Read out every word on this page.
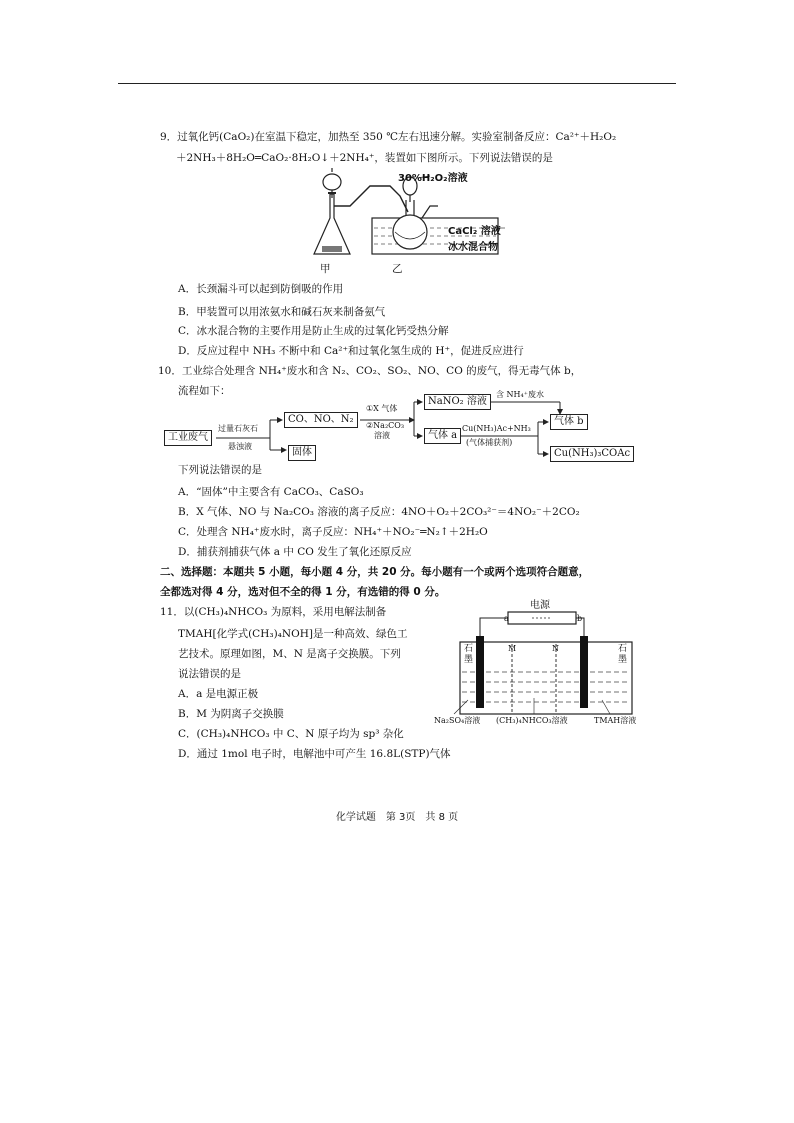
9．过氧化钙(CaO₂)在室温下稳定，加热至 350 ℃左右迅速分解。实验室制备反应：Ca²⁺＋H₂O₂
＋2NH₃＋8H₂O═CaO₂·8H₂O↓＋2NH₄⁺，装置如下图所示。下列说法错误的是
30%H₂O₂溶液
CaCl₂ 溶液
冰水混合物
甲	乙
A．长颈漏斗可以起到防倒吸的作用
B．甲装置可以用浓氨水和碱石灰来制备氨气
C．冰水混合物的主要作用是防止生成的过氧化钙受热分解
D．反应过程中 NH₃ 不断中和 Ca²⁺和过氧化氢生成的 H⁺，促进反应进行
10．工业综合处理含 NH₄⁺废水和含 N₂、CO₂、SO₂、NO、CO 的废气，得无毒气体 b，
流程如下：
工业废气
过量石灰石
悬浊液
CO、NO、N₂
固体
①X 气体
②Na₂CO₃
溶液
NaNO₂ 溶液
含 NH₄⁺废水
气体 a
Cu(NH₃)Ac+NH₃
(气体捕获剂)
气体 b
Cu(NH₃)₃COAc
下列说法错误的是
A．“固体”中主要含有 CaCO₃、CaSO₃
B．X 气体、NO 与 Na₂CO₃ 溶液的离子反应：4NO＋O₂＋2CO₃²⁻＝4NO₂⁻＋2CO₂
C．处理含 NH₄⁺废水时，离子反应：NH₄⁺＋NO₂⁻═N₂↑＋2H₂O
D．捕获剂捕获气体 a 中 CO 发生了氧化还原反应
二、选择题：本题共 5 小题，每小题 4 分，共 20 分。每小题有一个或两个选项符合题意，
全都选对得 4 分，选对但不全的得 1 分，有选错的得 0 分。
11．以(CH₃)₄NHCO₃ 为原料，采用电解法制备
TMAH[化学式(CH₃)₄NOH]是一种高效、绿色工
艺技术。原理如图，M、N 是离子交换膜。下列
说法错误的是
A．a 是电源正极
B．M 为阴离子交换膜
C．(CH₃)₄NHCO₃ 中 C、N 原子均为 sp³ 杂化
D．通过 1mol 电子时，电解池中可产生 16.8L(STP)气体
电源
a	b
石
墨
石
墨
M	N
Na₂SO₄溶液 (CH₃)₄NHCO₃溶液	TMAH溶液
化学试题　第 3页　共 8 页
